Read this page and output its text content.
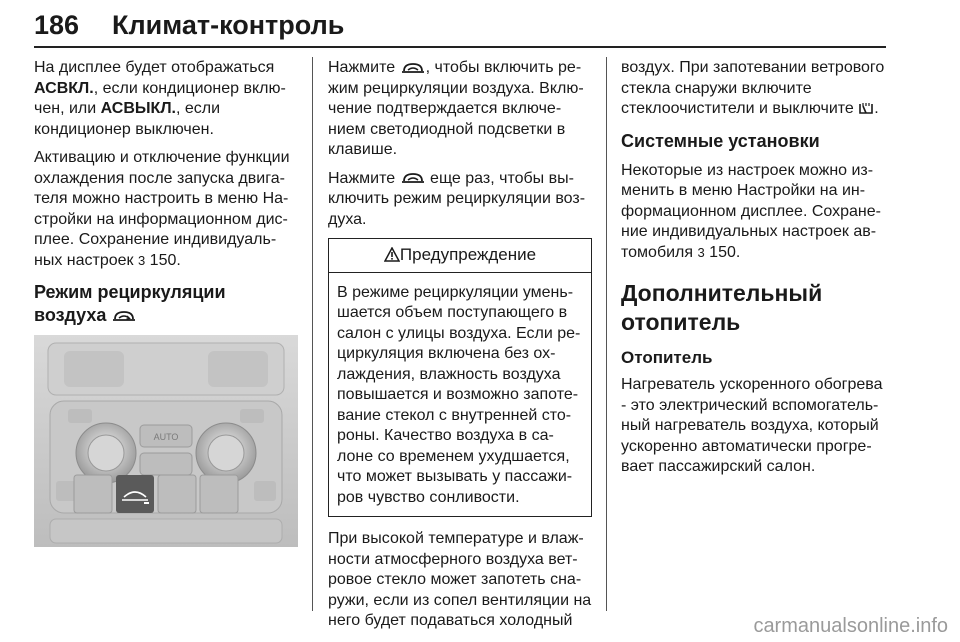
186 Климат-контроль

На дисплее будет отображаться АСВКЛ., если кондиционер включен, или АСВЫКЛ., если кондиционер выключен.

Активацию и отключение функции охлаждения после запуска двигателя можно настроить в меню Настройки на информационном дисплее. Сохранение индивидуальных настроек 3 150.

Режим рециркуляции воздуха
AUTO

Нажмите , чтобы включить режим рециркуляции воздуха. Включение подтверждается включением светодиодной подсветки в клавише.

Нажмите  еще раз, чтобы выключить режим рециркуляции воздуха.

Предупреждение
В режиме рециркуляции уменьшается объем поступающего в салон с улицы воздуха. Если рециркуляция включена без охлаждения, влажность воздуха повышается и возможно запотевание стекол с внутренней стороны. Качество воздуха в салоне со временем ухудшается, что может вызывать у пассажиров чувство сонливости.

При высокой температуре и влажности атмосферного воздуха ветровое стекло может запотеть снаружи, если из сопел вентиляции на него будет подаваться холодный

воздух. При запотевании ветрового стекла снаружи включите стеклоочистители и выключите .

Системные установки

Некоторые из настроек можно изменить в меню Настройки на информационном дисплее. Сохранение индивидуальных настроек автомобиля 3 150.

Дополнительный отопитель
Отопитель

Нагреватель ускоренного обогрева - это электрический вспомогательный нагреватель воздуха, который ускоренно автоматически прогревает пассажирский салон.

carmanualsonline.info
